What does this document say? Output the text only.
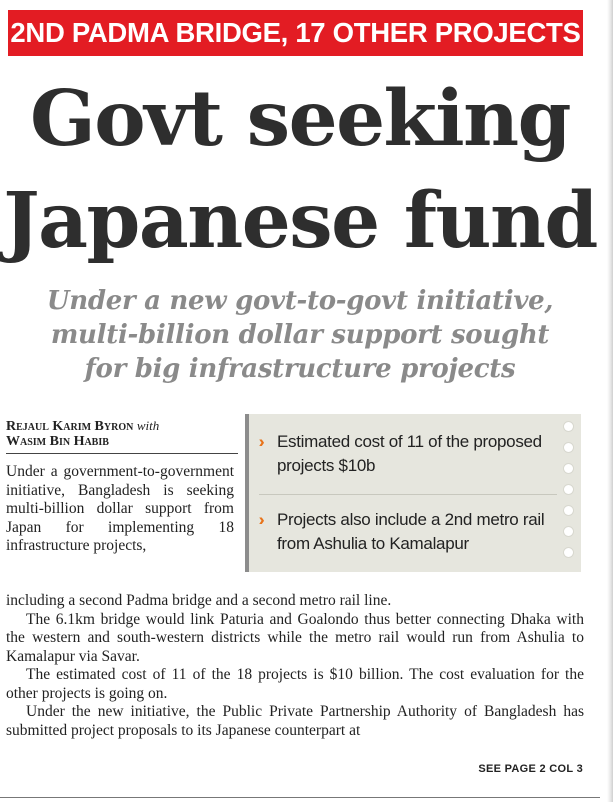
2ND PADMA BRIDGE, 17 OTHER PROJECTS
Govt seeking
Japanese fund
Under a new govt-to-govt initiative,
multi-billion dollar support sought
for big infrastructure projects
Rejaul Karim Byron with
Wasim Bin Habib	Estimated cost of 11 of the proposed projects $10b
Projects also include a 2nd metro rail from Ashulia to Kamalapur

Under a government-to-government initiative, Bangladesh is seeking multi-billion dollar support from Japan for implementing 18 infrastructure projects,

including a second Padma bridge and a second metro rail line.

The 6.1km bridge would link Paturia and Goalondo thus better connecting Dhaka with the western and south-western districts while the metro rail would run from Ashulia to Kamalapur via Savar.

The estimated cost of 11 of the 18 projects is $10 billion. The cost evaluation for the other projects is going on.

Under the new initiative, the Public Private Partnership Authority of Bangladesh has submitted project proposals to its Japanese counterpart at

SEE PAGE 2 COL 3
